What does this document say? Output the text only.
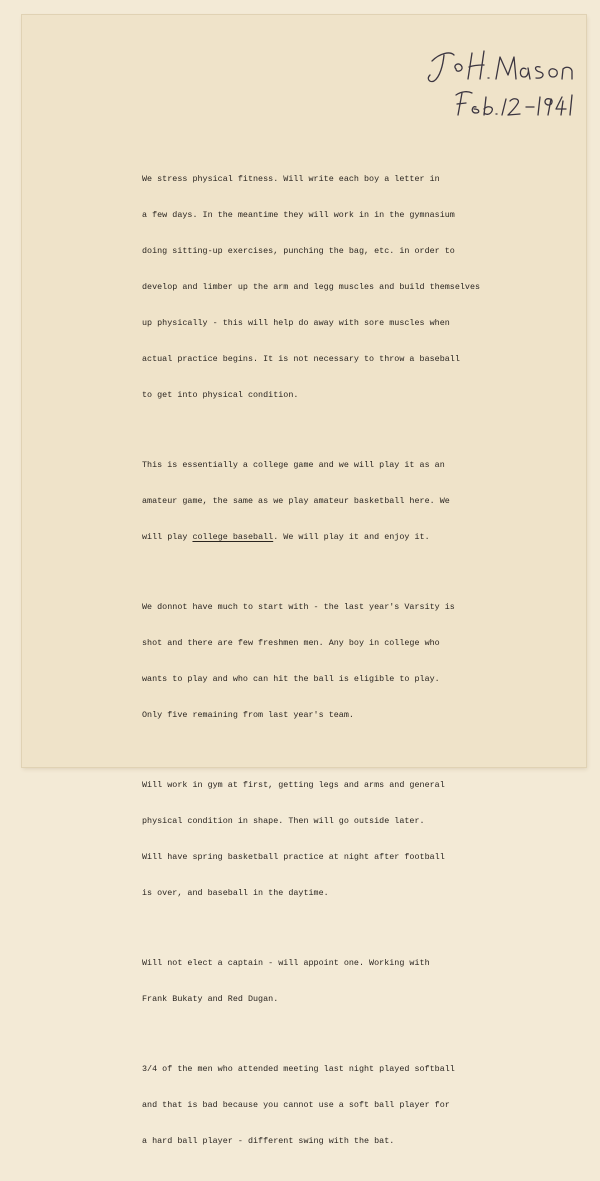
We stress physical fitness. Will write each boy a letter in

a few days. In the meantime they will work in in the gymnasium

doing sitting-up exercises, punching the bag, etc. in order to

develop and limber up the arm and legg muscles and build themselves

up physically - this will help do away with sore muscles when

actual practice begins. It is not necessary to throw a baseball

to get into physical condition.

This is essentially a college game and we will play it as an

amateur game, the same as we play amateur basketball here. We

will play college baseball. We will play it and enjoy it.

We donnot have much to start with - the last year's Varsity is

shot and there are few freshmen men. Any boy in college who

wants to play and who can hit the ball is eligible to play.

Only five remaining from last year's team.

Will work in gym at first, getting legs and arms and general

physical condition in shape. Then will go outside later.

Will have spring basketball practice at night after football

is over, and baseball in the daytime.

Will not elect a captain - will appoint one. Working with

Frank Bukaty and Red Dugan.

3/4 of the men who attended meeting last night played softball

and that is bad because you cannot use a soft ball player for

a hard ball player - different swing with the bat.
